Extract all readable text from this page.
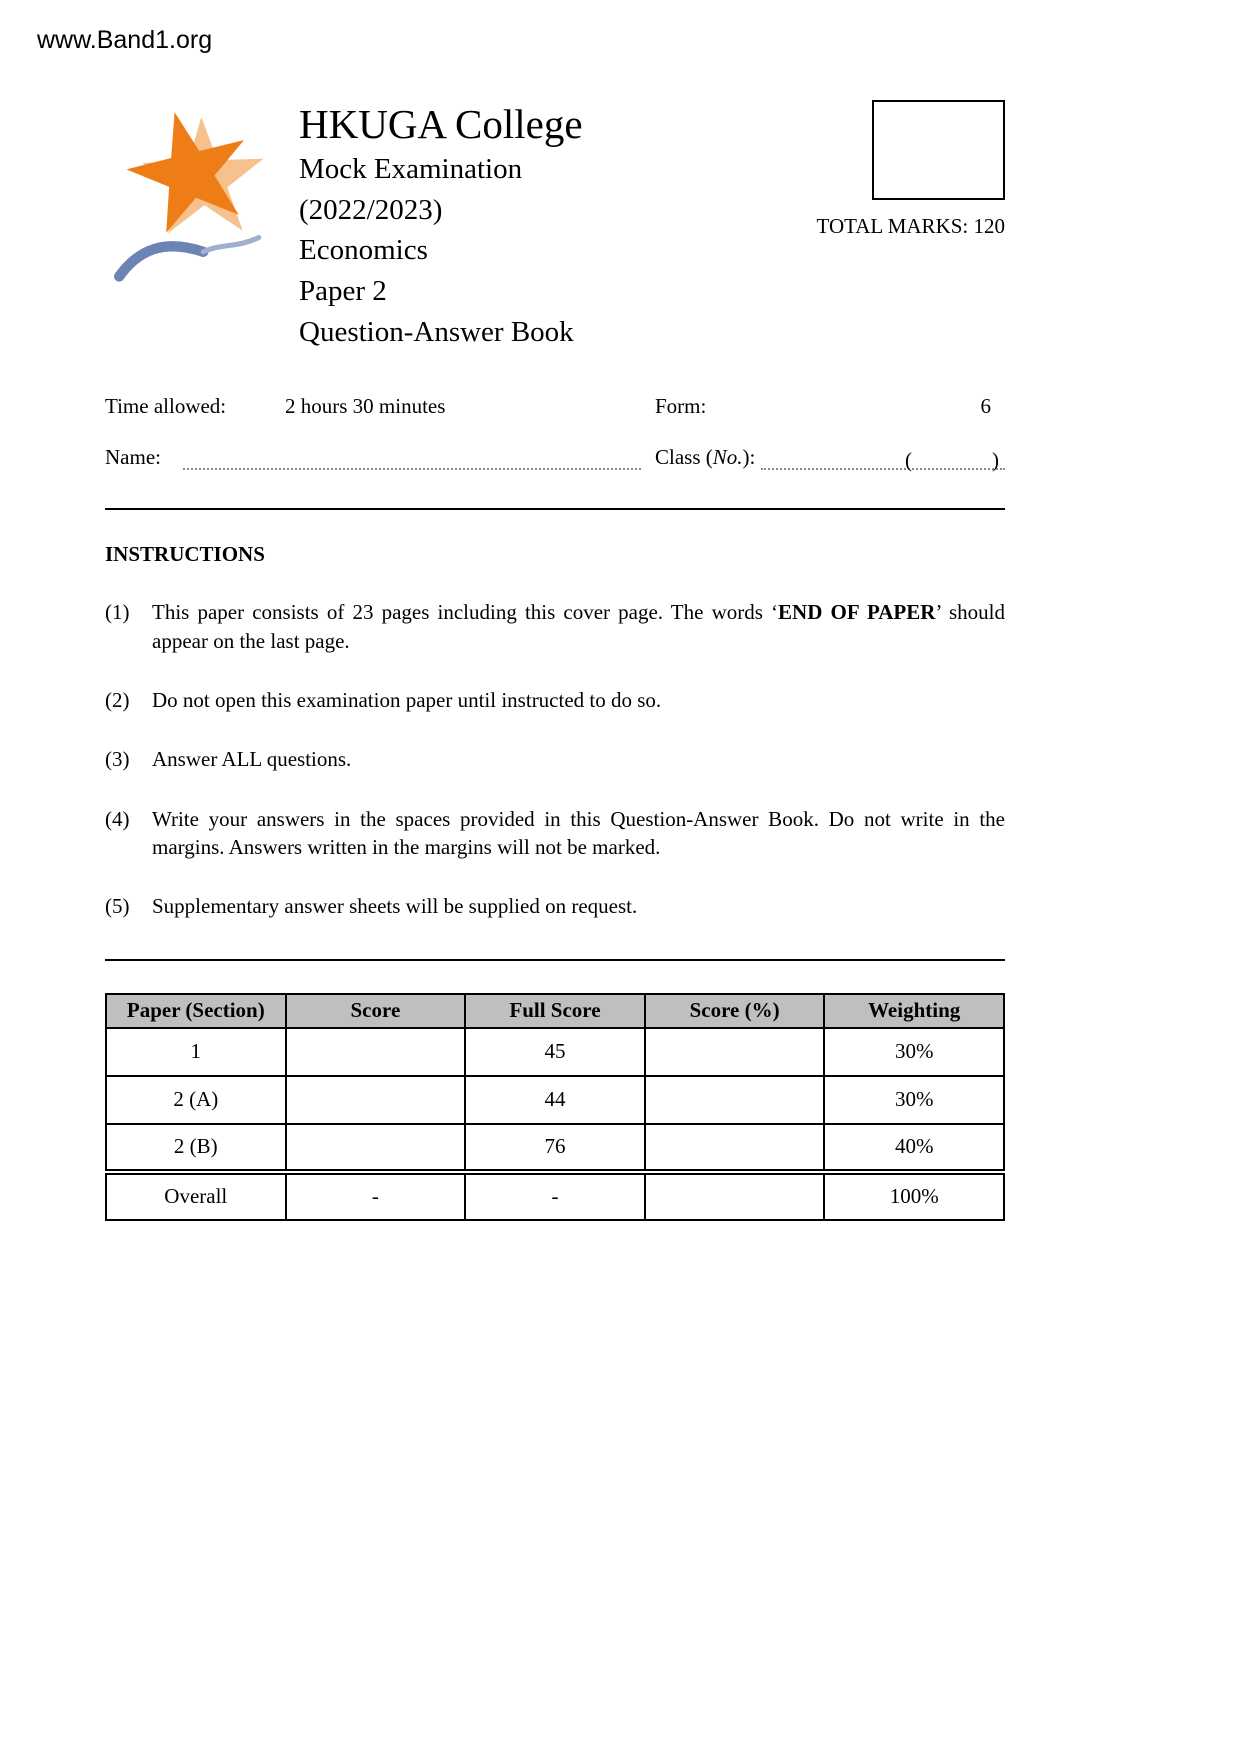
www.Band1.org
HKUGA College
Mock Examination
(2022/2023)
Economics
Paper 2
Question-Answer Book
TOTAL MARKS: 120
Time allowed:	2 hours 30 minutes	Form:	6
Name:	Class (No.):	(	)
INSTRUCTIONS
(1)	This paper consists of 23 pages including this cover page. The words ‘END OF PAPER’ should appear on the last page.
(2)	Do not open this examination paper until instructed to do so.
(3)	Answer ALL questions.
(4)	Write your answers in the spaces provided in this Question-Answer Book. Do not write in the margins. Answers written in the margins will not be marked.
(5)	Supplementary answer sheets will be supplied on request.
Paper (Section)	Score	Full Score	Score (%)	Weighting
1		45		30%
2 (A)		44		30%
2 (B)		76		40%
Overall	-	-		100%
